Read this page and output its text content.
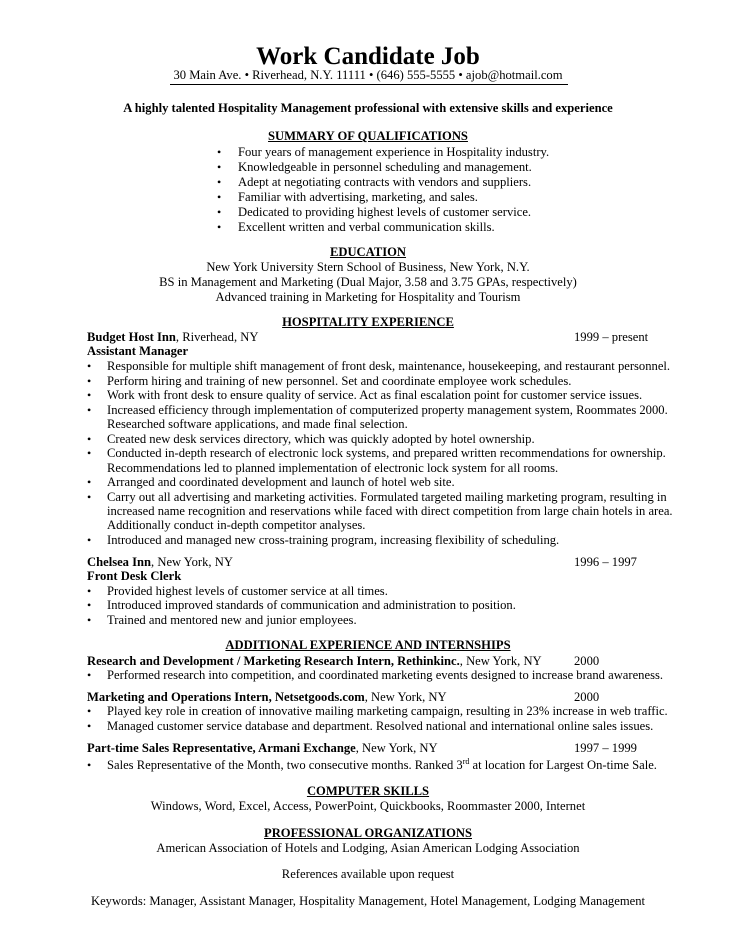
Work Candidate Job
30 Main Ave. • Riverhead, N.Y. 11111 • (646) 555-5555 • ajob@hotmail.com
A highly talented Hospitality Management professional with extensive skills and experience
SUMMARY OF QUALIFICATIONS
• Four years of management experience in Hospitality industry.
• Knowledgeable in personnel scheduling and management.
• Adept at negotiating contracts with vendors and suppliers.
• Familiar with advertising, marketing, and sales.
• Dedicated to providing highest levels of customer service.
• Excellent written and verbal communication skills.
EDUCATION
New York University Stern School of Business, New York, N.Y.
BS in Management and Marketing (Dual Major, 3.58 and 3.75 GPAs, respectively)
Advanced training in Marketing for Hospitality and Tourism
HOSPITALITY EXPERIENCE
Budget Host Inn, Riverhead, NY	1999 – present
Assistant Manager
• Responsible for multiple shift management of front desk, maintenance, housekeeping, and restaurant personnel.
• Perform hiring and training of new personnel. Set and coordinate employee work schedules.
• Work with front desk to ensure quality of service. Act as final escalation point for customer service issues.
• Increased efficiency through implementation of computerized property management system, Roommates 2000.
Researched software applications, and made final selection.
• Created new desk services directory, which was quickly adopted by hotel ownership.
• Conducted in-depth research of electronic lock systems, and prepared written recommendations for ownership.
Recommendations led to planned implementation of electronic lock system for all rooms.
• Arranged and coordinated development and launch of hotel web site.
• Carry out all advertising and marketing activities. Formulated targeted mailing marketing program, resulting in
increased name recognition and reservations while faced with direct competition from large chain hotels in area.
Additionally conduct in-depth competitor analyses.
• Introduced and managed new cross-training program, increasing flexibility of scheduling.
Chelsea Inn, New York, NY	1996 – 1997
Front Desk Clerk
• Provided highest levels of customer service at all times.
• Introduced improved standards of communication and administration to position.
• Trained and mentored new and junior employees.
ADDITIONAL EXPERIENCE AND INTERNSHIPS
Research and Development / Marketing Research Intern, Rethinkinc., New York, NY	2000
• Performed research into competition, and coordinated marketing events designed to increase brand awareness.
Marketing and Operations Intern, Netsetgoods.com, New York, NY	2000
• Played key role in creation of innovative mailing marketing campaign, resulting in 23% increase in web traffic.
• Managed customer service database and department. Resolved national and international online sales issues.
Part-time Sales Representative, Armani Exchange, New York, NY	1997 – 1999
• Sales Representative of the Month, two consecutive months. Ranked 3rd at location for Largest On-time Sale.
COMPUTER SKILLS
Windows, Word, Excel, Access, PowerPoint, Quickbooks, Roommaster 2000, Internet
PROFESSIONAL ORGANIZATIONS
American Association of Hotels and Lodging, Asian American Lodging Association
References available upon request
Keywords: Manager, Assistant Manager, Hospitality Management, Hotel Management, Lodging Management
